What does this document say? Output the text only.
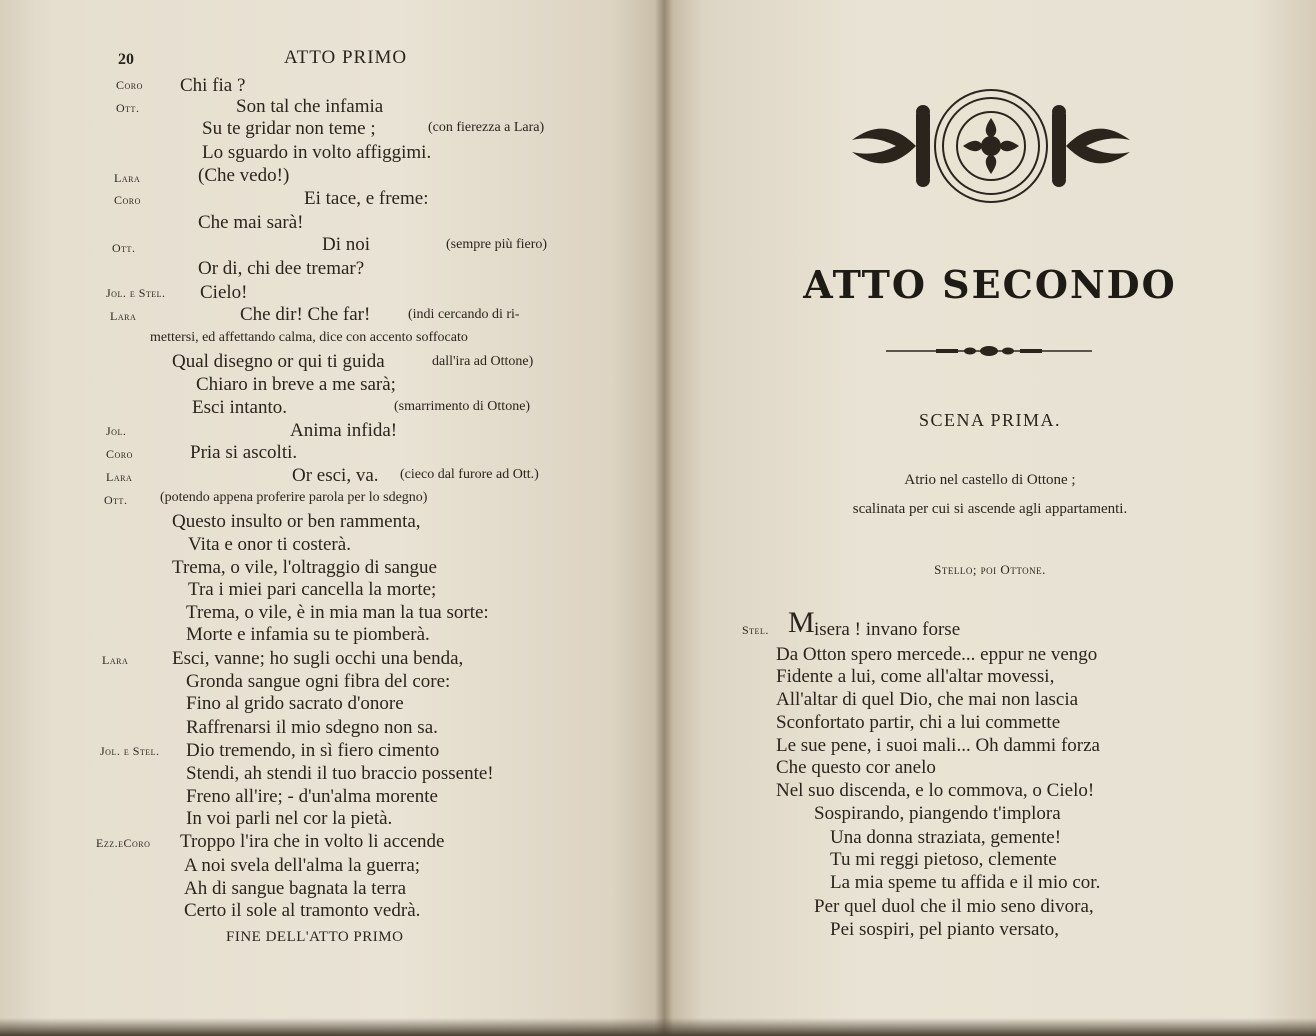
20	ATTO PRIMO
Coro Chi fia ?
Ott.	Son tal che infamia
Su te gridar non teme ;	(con fierezza a Lara)
Lo sguardo in volto affiggimi.
Lara	(Che vedo!)
Coro	Ei tace, e freme:
Che mai sarà!
Ott.	Di noi	(sempre più fiero)
Or di, chi dee tremar?
Jol. e Stel. Cielo!
Lara	Che dir! Che far!	(indi cercando di ri-
mettersi, ed affettando calma, dice con accento soffocato
Qual disegno or qui ti guida	dall'ira ad Ottone)
Chiaro in breve a me sarà;
Esci intanto.	(smarrimento di Ottone)
Jol.	Anima infida!
Coro	Pria si ascolti.
Lara	Or esci, va. (cieco dal furore ad Ott.)
Ott. (potendo appena proferire parola per lo sdegno)
Questo insulto or ben rammenta,
Vita e onor ti costerà.
Trema, o vile, l'oltraggio di sangue
Tra i miei pari cancella la morte;
Trema, o vile, è in mia man la tua sorte:
Morte e infamia su te piomberà.
Lara Esci, vanne; ho sugli occhi una benda,
Gronda sangue ogni fibra del core:
Fino al grido sacrato d'onore
Raffrenarsi il mio sdegno non sa.
Jol. e Stel. Dio tremendo, in sì fiero cimento
Stendi, ah stendi il tuo braccio possente!
Freno all'ire; - d'un'alma morente
In voi parli nel cor la pietà.
Ezz.eCoro Troppo l'ira che in volto li accende
A noi svela dell'alma la guerra;
Ah di sangue bagnata la terra
Certo il sole al tramonto vedrà.
FINE DELL'ATTO PRIMO
ATTO SECONDO
SCENA PRIMA.
Atrio nel castello di Ottone ;
scalinata per cui si ascende agli appartamenti.
Stello; poi Ottone.
Stel. M isera ! invano forse
Da Otton spero mercede... eppur ne vengo
Fidente a lui, come all'altar movessi,
All'altar di quel Dio, che mai non lascia
Sconfortato partir, chi a lui commette
Le sue pene, i suoi mali... Oh dammi forza
Che questo cor anelo
Nel suo discenda, e lo commova, o Cielo!
Sospirando, piangendo t'implora
Una donna straziata, gemente!
Tu mi reggi pietoso, clemente
La mia speme tu affida e il mio cor.
Per quel duol che il mio seno divora,
Pei sospiri, pel pianto versato,
